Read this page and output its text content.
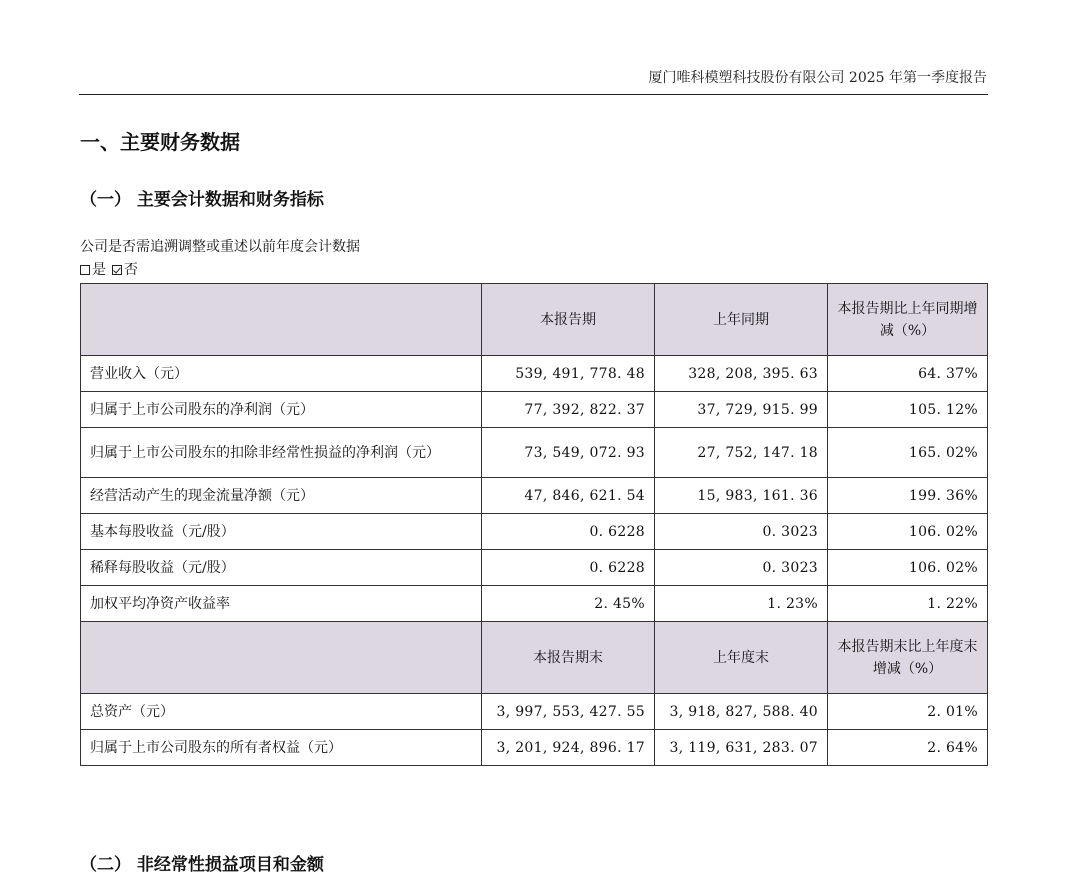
厦门唯科模塑科技股份有限公司 2025 年第一季度报告
一、主要财务数据
（一） 主要会计数据和财务指标
公司是否需追溯调整或重述以前年度会计数据
是 否
	本报告期	上年同期	本报告期比上年同期增减（%）
营业收入（元）	539, 491, 778. 48	328, 208, 395. 63	64. 37%
归属于上市公司股东的净利润（元）	77, 392, 822. 37	37, 729, 915. 99	105. 12%
归属于上市公司股东的扣除非经常性损益的净利润（元）	73, 549, 072. 93	27, 752, 147. 18	165. 02%
经营活动产生的现金流量净额（元）	47, 846, 621. 54	15, 983, 161. 36	199. 36%
基本每股收益（元/股）	0. 6228	0. 3023	106. 02%
稀释每股收益（元/股）	0. 6228	0. 3023	106. 02%
加权平均净资产收益率	2. 45%	1. 23%	1. 22%
	本报告期末	上年度末	本报告期末比上年度末增减（%）
总资产（元）	3, 997, 553, 427. 55	3, 918, 827, 588. 40	2. 01%
归属于上市公司股东的所有者权益（元）	3, 201, 924, 896. 17	3, 119, 631, 283. 07	2. 64%
（二） 非经常性损益项目和金额
